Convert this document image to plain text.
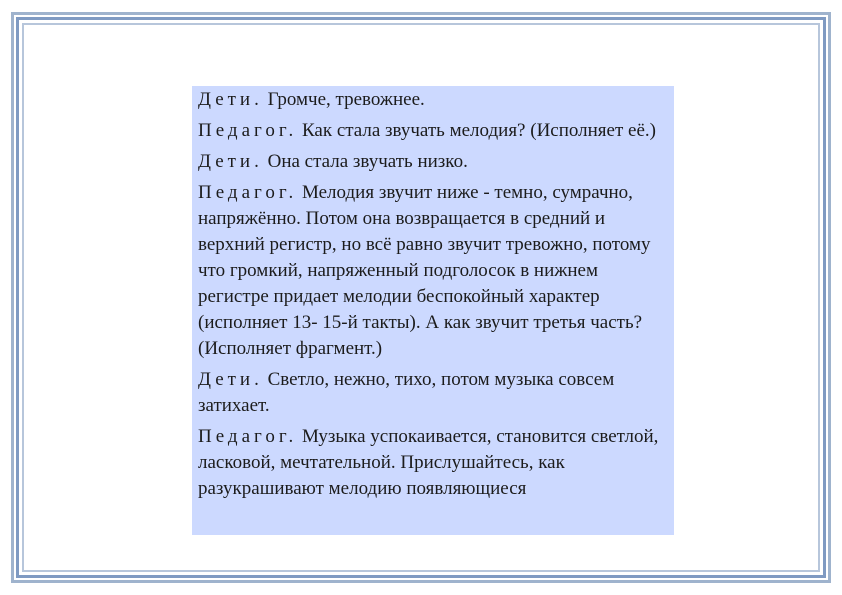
Дети. Громче, тревожнее.

Педагог. Как стала звучать мелодия? (Исполняет её.)

Дети. Она стала звучать низко.

Педагог. Мелодия звучит ниже - темно, сумрачно, напряжённо. Потом она возвращается в средний и верхний регистр, но всё равно звучит тревожно, потому что громкий, напряженный подголосок в нижнем регистре придает мелодии беспокойный характер (исполняет 13- 15-й такты). А как звучит третья часть? (Исполняет фрагмент.)

Дети. Светло, нежно, тихо, потом музыка совсем затихает.

Педагог. Музыка успокаивается, становится светлой, ласковой, мечтательной. Прислушайтесь, как разукрашивают мелодию появляющиеся
